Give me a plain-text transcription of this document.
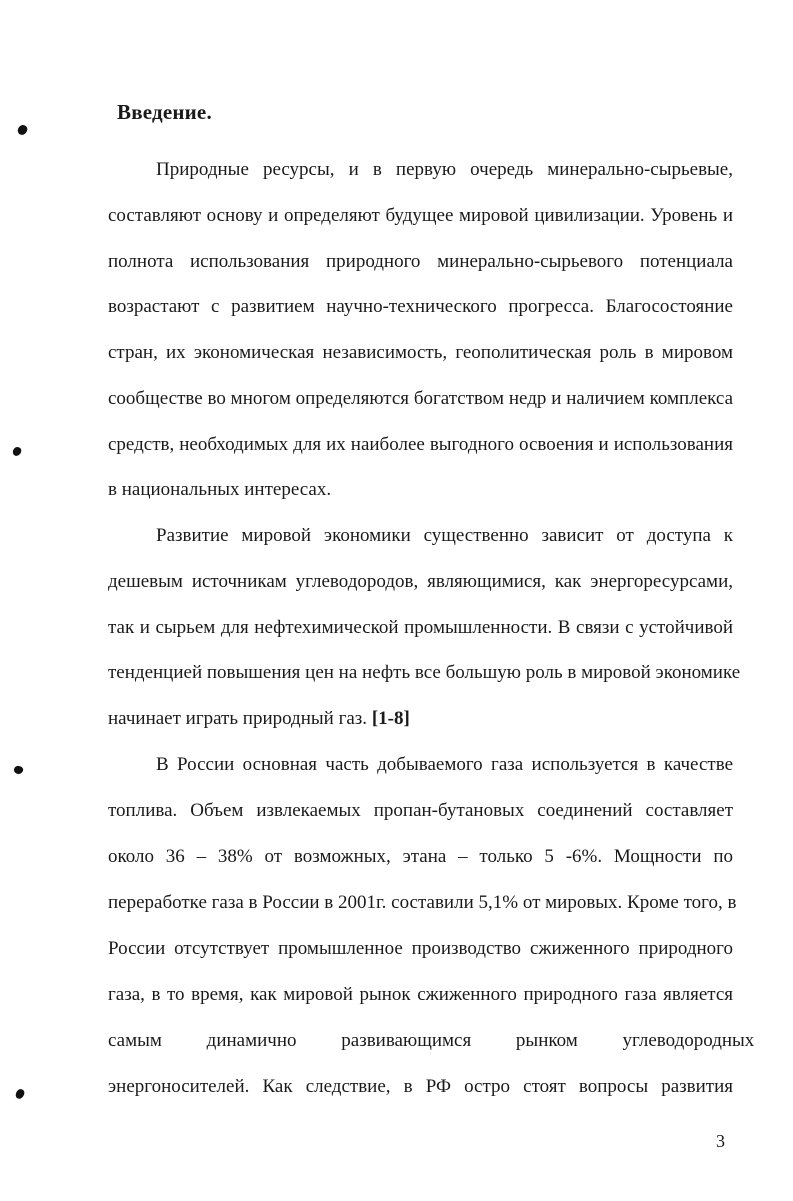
Введение.
Природные ресурсы, и в первую очередь минерально-сырьевые,
составляют основу и определяют будущее мировой цивилизации. Уровень и
полнота использования природного минерально-сырьевого потенциала
возрастают с развитием научно-технического прогресса. Благосостояние
стран, их экономическая независимость, геополитическая роль в мировом
сообществе во многом определяются богатством недр и наличием комплекса
средств, необходимых для их наиболее выгодного освоения и использования
в национальных интересах.
Развитие мировой экономики существенно зависит от доступа к
дешевым источникам углеводородов, являющимися, как энергоресурсами,
так и сырьем для нефтехимической промышленности. В связи с устойчивой
тенденцией повышения цен на нефть все большую роль в мировой экономике
начинает играть природный газ. [1-8]
В России основная часть добываемого газа используется в качестве
топлива. Объем извлекаемых пропан-бутановых соединений составляет
около 36 – 38% от возможных, этана – только 5 -6%. Мощности по
переработке газа в России в 2001г. составили 5,1% от мировых. Кроме того, в
России отсутствует промышленное производство сжиженного природного
газа, в то время, как мировой рынок сжиженного природного газа является
самым динамично развивающимся рынком углеводородных
энергоносителей. Как следствие, в РФ остро стоят вопросы развития
3
